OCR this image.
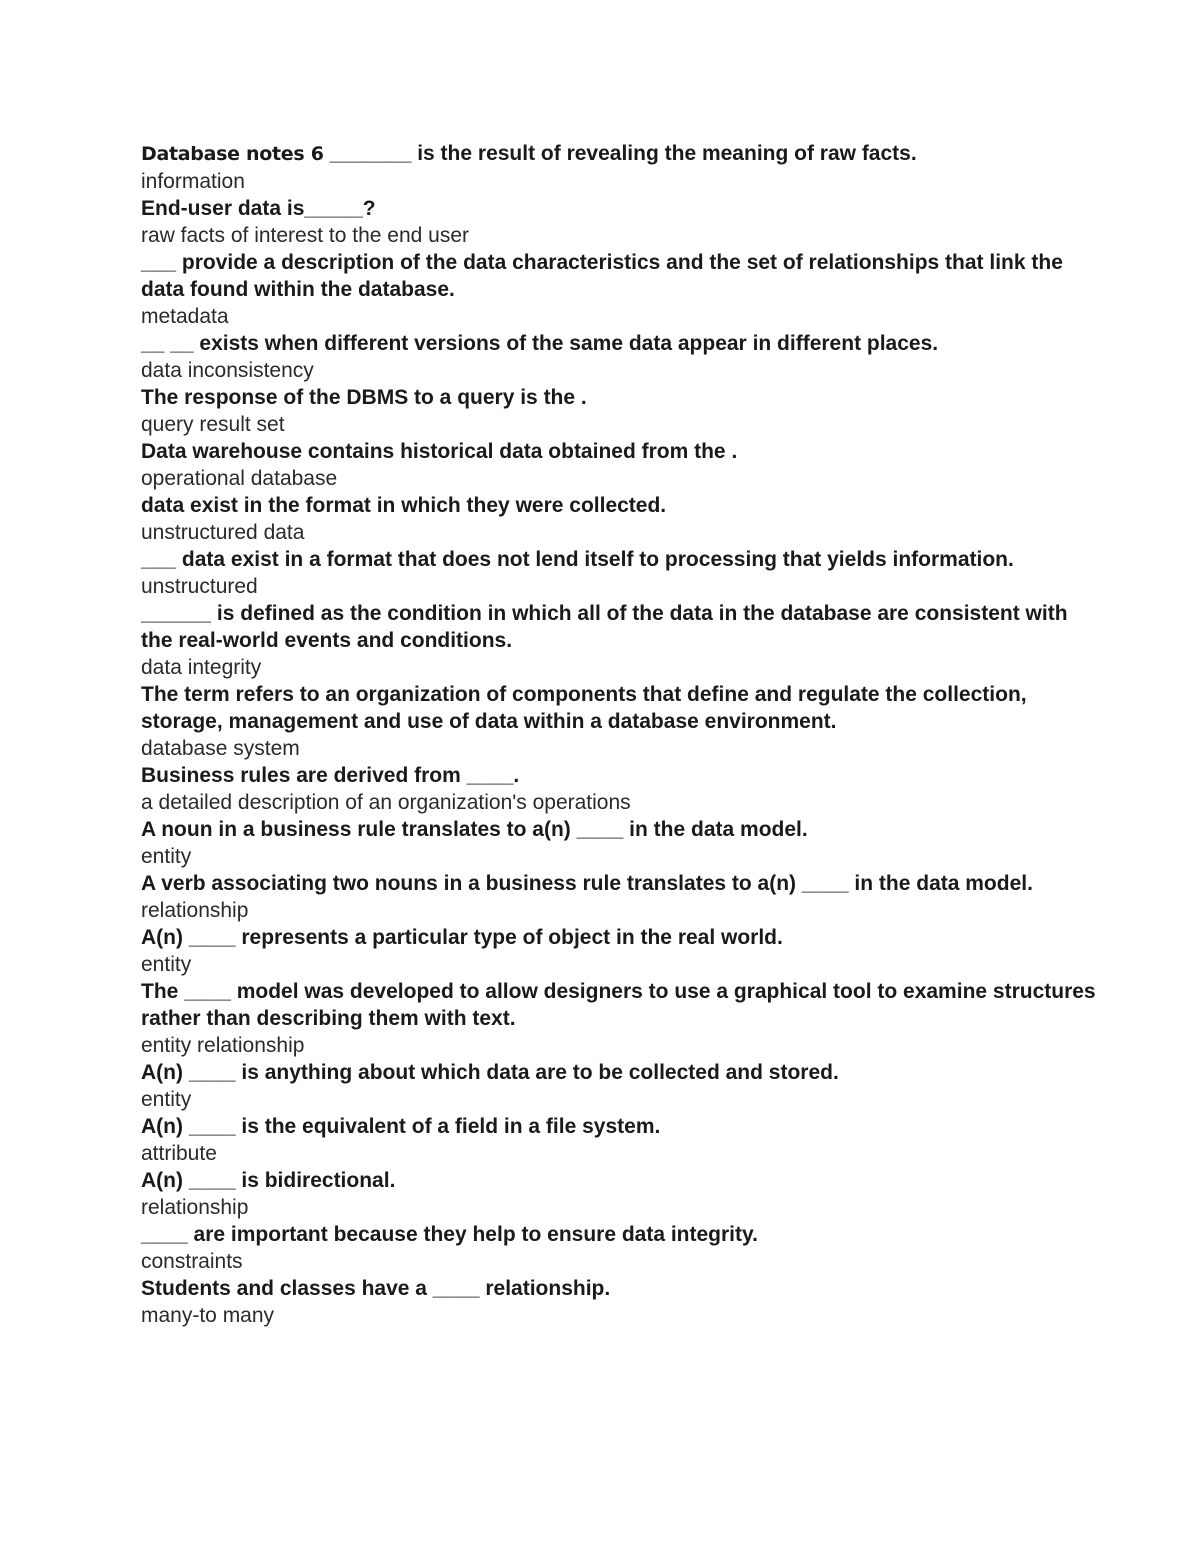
Database notes 6 _______ is the result of revealing the meaning of raw facts.

information

End-user data is_____?

raw facts of interest to the end user

___ provide a description of the data characteristics and the set of relationships that link the data found within the database.

metadata

__ __ exists when different versions of the same data appear in different places.

data inconsistency

The response of the DBMS to a query is the .

query result set

Data warehouse contains historical data obtained from the .

operational database

data exist in the format in which they were collected.

unstructured data

___ data exist in a format that does not lend itself to processing that yields information.

unstructured

______ is defined as the condition in which all of the data in the database are consistent with the real-world events and conditions.

data integrity

The term refers to an organization of components that define and regulate the collection, storage, management and use of data within a database environment.

database system

Business rules are derived from ____.

a detailed description of an organization's operations

A noun in a business rule translates to a(n) ____ in the data model.

entity

A verb associating two nouns in a business rule translates to a(n) ____ in the data model.

relationship

A(n) ____ represents a particular type of object in the real world.

entity

The ____ model was developed to allow designers to use a graphical tool to examine structures rather than describing them with text.

entity relationship

A(n) ____ is anything about which data are to be collected and stored.

entity

A(n) ____ is the equivalent of a field in a file system.

attribute

A(n) ____ is bidirectional.

relationship

____ are important because they help to ensure data integrity.

constraints

Students and classes have a ____ relationship.

many-to many
